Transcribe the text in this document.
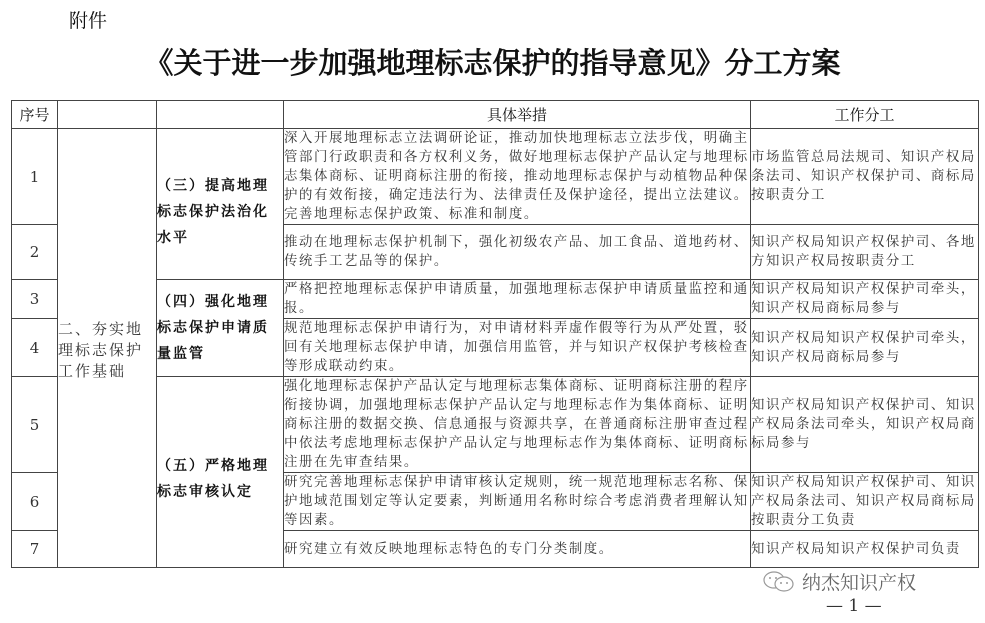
附件
《关于进一步加强地理标志保护的指导意见》分工方案
序号			具体举措	工作分工
1	二、夯实地理标志保护工作基础	（三）提高地理标志保护法治化水平	深入开展地理标志立法调研论证，推动加快地理标志立法步伐，明确主管部门行政职责和各方权利义务，做好地理标志保护产品认定与地理标志集体商标、证明商标注册的衔接，推动地理标志保护与动植物品种保护的有效衔接，确定违法行为、法律责任及保护途径，提出立法建议。完善地理标志保护政策、标准和制度。	市场监管总局法规司、知识产权局条法司、知识产权保护司、商标局按职责分工
2			推动在地理标志保护机制下，强化初级农产品、加工食品、道地药材、传统手工艺品等的保护。	知识产权局知识产权保护司、各地方知识产权局按职责分工
3		（四）强化地理标志保护申请质量监管	严格把控地理标志保护申请质量，加强地理标志保护申请质量监控和通报。	知识产权局知识产权保护司牵头，知识产权局商标局参与
4			规范地理标志保护申请行为，对申请材料弄虚作假等行为从严处置，驳回有关地理标志保护申请，加强信用监管，并与知识产权保护考核检查等形成联动约束。	知识产权局知识产权保护司牵头，知识产权局商标局参与
5		（五）严格地理标志审核认定	强化地理标志保护产品认定与地理标志集体商标、证明商标注册的程序衔接协调，加强地理标志保护产品认定与地理标志作为集体商标、证明商标注册的数据交换、信息通报与资源共享，在普通商标注册审查过程中依法考虑地理标志保护产品认定与地理标志作为集体商标、证明商标注册在先审查结果。	知识产权局知识产权保护司、知识产权局条法司牵头，知识产权局商标局参与
6			研究完善地理标志保护申请审核认定规则，统一规范地理标志名称、保护地域范围划定等认定要素，判断通用名称时综合考虑消费者理解认知等因素。	知识产权局知识产权保护司、知识产权局条法司、知识产权局商标局按职责分工负责
7			研究建立有效反映地理标志特色的专门分类制度。	知识产权局知识产权保护司负责
纳杰知识产权
— 1 —
